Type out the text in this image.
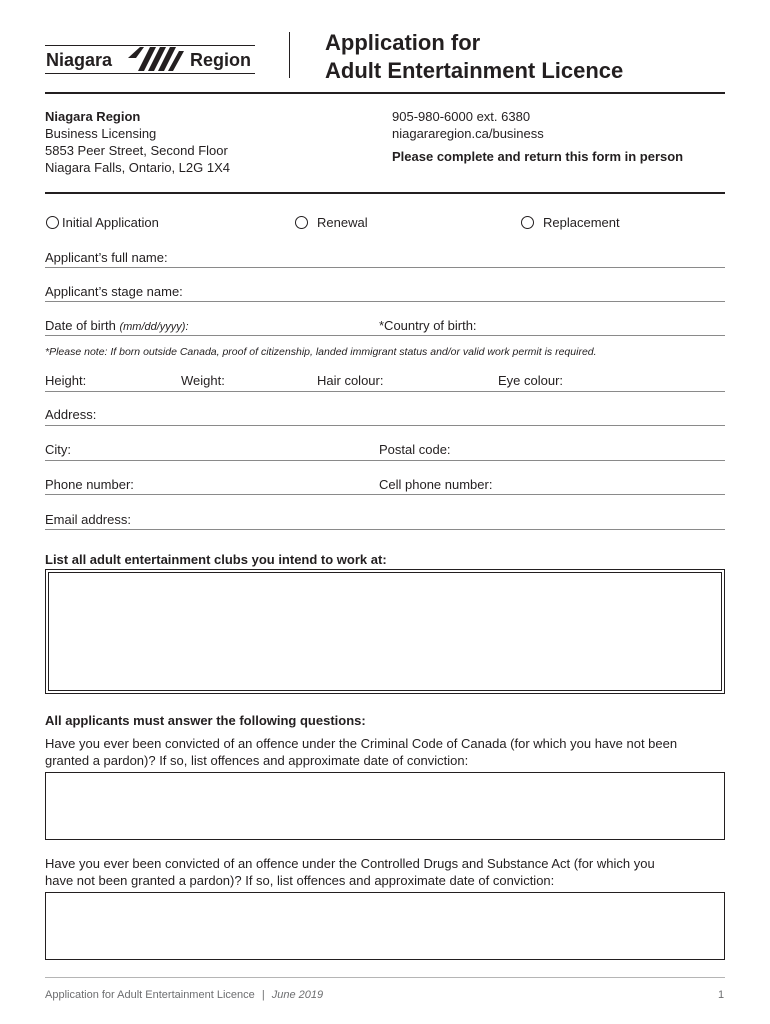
Niagara	Region
Application for
Adult Entertainment Licence
Niagara Region
Business Licensing
5853 Peer Street, Second Floor
Niagara Falls, Ontario, L2G 1X4
905-980-6000 ext. 6380
niagararegion.ca/business
Please complete and return this form in person
Initial Application	Renewal	Replacement
Applicant’s full name:
Applicant’s stage name:
Date of birth (mm/dd/yyyy):	*Country of birth:
*Please note: If born outside Canada, proof of citizenship, landed immigrant status and/or valid work permit is required.
Height:	Weight:	Hair colour:	Eye colour:
Address:
City:	Postal code:
Phone number:	Cell phone number:
Email address:
List all adult entertainment clubs you intend to work at:
All applicants must answer the following questions:
Have you ever been convicted of an offence under the Criminal Code of Canada (for which you have not been
granted a pardon)? If so, list offences and approximate date of conviction:
Have you ever been convicted of an offence under the Controlled Drugs and Substance Act (for which you
have not been granted a pardon)? If so, list offences and approximate date of conviction:
Application for Adult Entertainment Licence | June 2019	1
